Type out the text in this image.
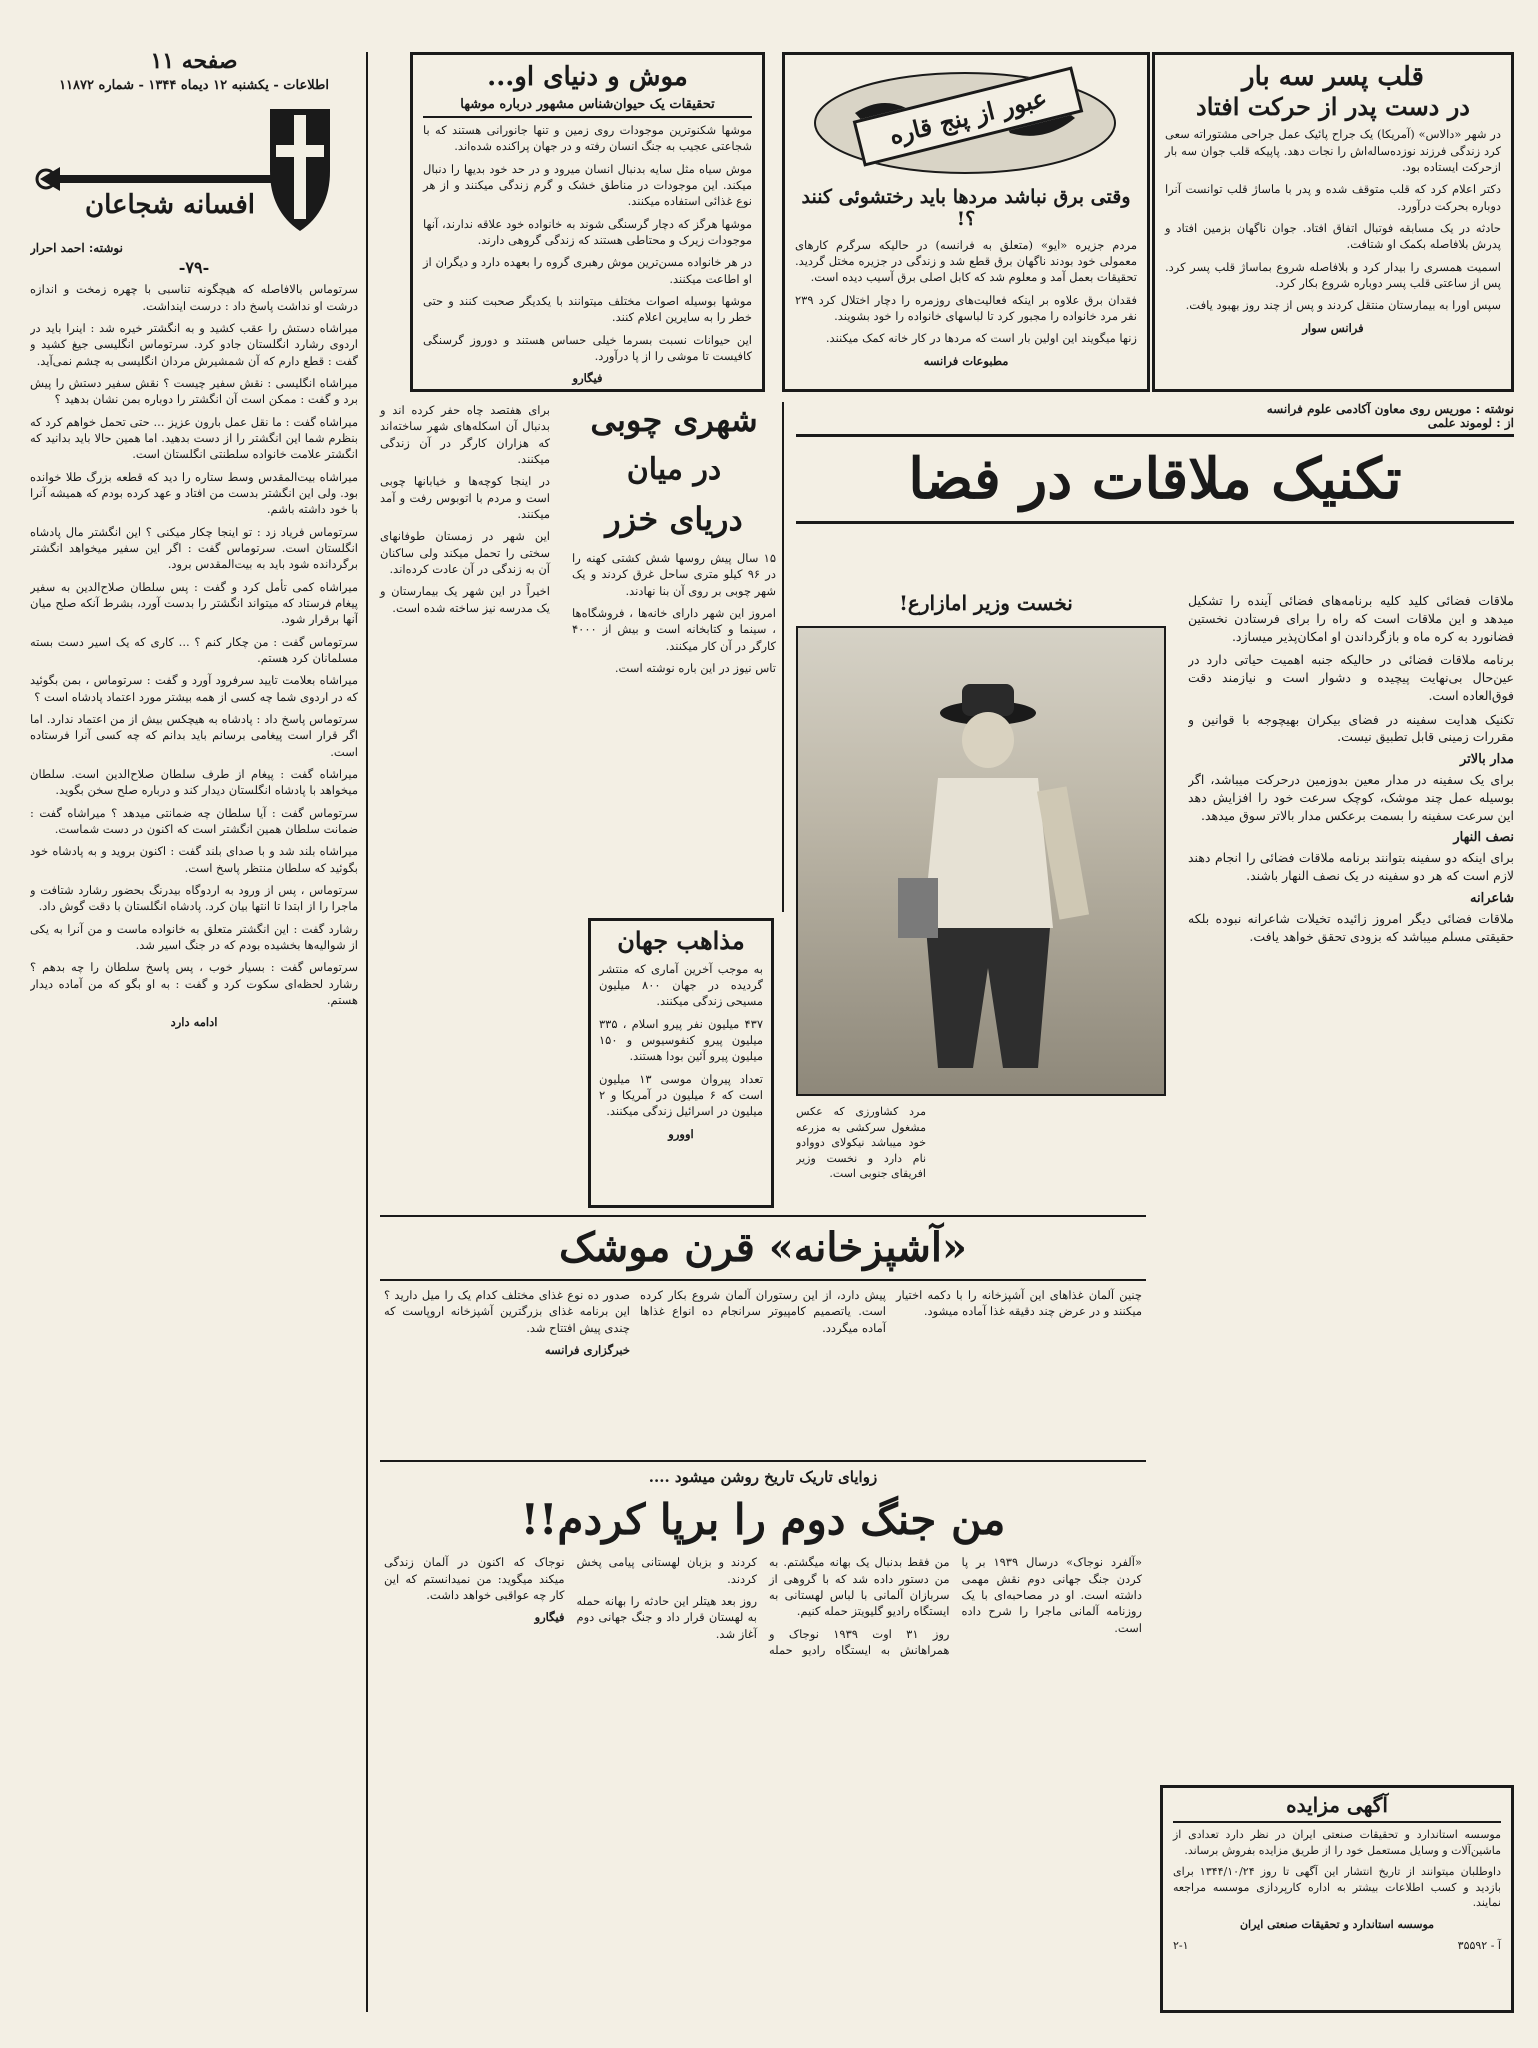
صفحه ۱۱
اطلاعات - یکشنبه ۱۲ دیماه ۱۳۴۴ - شماره ۱۱۸۷۲
افسانه شجاعان
نوشته: احمد احرار
-۷۹-

سرتوماس بالافاصله که هیچگونه تناسبی با چهره زمخت و اندازه درشت او نداشت پاسخ داد : درست اینداشت.

میراشاه دستش را عقب کشید و به انگشتر خیره شد : اینرا باید در اردوی رشارد انگلستان جادو کرد. سرتوماس انگلیسی جیغ کشید و گفت : قطع دارم که آن شمشیرش مردان انگلیسی به چشم نمی‌آید.

میراشاه انگلیسی : نقش سفیر چیست ؟ نقش سفیر دستش را پیش برد و گفت : ممکن است آن انگشتر را دوباره بمن نشان بدهید ؟

میراشاه گفت : ما نقل عمل بارون عزیز ... حتی تحمل خواهم کرد که بنظرم شما این انگشتر را از دست بدهید. اما همین حالا باید بدانید که انگشتر علامت خانواده سلطنتی انگلستان است.

میراشاه بیت‌المقدس وسط ستاره را دید که قطعه بزرگ طلا خوانده بود. ولی این انگشتر بدست من افتاد و عهد کرده بودم که همیشه آنرا با خود داشته باشم.

سرتوماس فریاد زد : تو اینجا چکار میکنی ؟ این انگشتر مال پادشاه انگلستان است. سرتوماس گفت : اگر این سفیر میخواهد انگشتر برگردانده شود باید به بیت‌المقدس برود.

میراشاه کمی تأمل کرد و گفت : پس سلطان صلاح‌الدین به سفیر پیغام فرستاد که میتواند انگشتر را بدست آورد، بشرط آنکه صلح میان آنها برقرار شود.

سرتوماس گفت : من چکار کنم ؟ ... کاری که یک اسیر دست بسته مسلمانان کرد هستم.

میراشاه بعلامت تایید سرفرود آورد و گفت : سرتوماس ، بمن بگوئید که در اردوی شما چه کسی از همه بیشتر مورد اعتماد پادشاه است ؟

سرتوماس پاسخ داد : پادشاه به هیچکس بیش از من اعتماد ندارد. اما اگر قرار است پیغامی برسانم باید بدانم که چه کسی آنرا فرستاده است.

میراشاه گفت : پیغام از طرف سلطان صلاح‌الدین است. سلطان میخواهد با پادشاه انگلستان دیدار کند و درباره صلح سخن بگوید.

سرتوماس گفت : آیا سلطان چه ضمانتی میدهد ؟ میراشاه گفت : ضمانت سلطان همین انگشتر است که اکنون در دست شماست.

میراشاه بلند شد و با صدای بلند گفت : اکنون بروید و به پادشاه خود بگوئید که سلطان منتظر پاسخ است.

سرتوماس ، پس از ورود به اردوگاه بیدرنگ بحضور رشارد شتافت و ماجرا را از ابتدا تا انتها بیان کرد. پادشاه انگلستان با دقت گوش داد.

رشارد گفت : این انگشتر متعلق به خانواده ماست و من آنرا به یکی از شوالیه‌ها بخشیده بودم که در جنگ اسیر شد.

سرتوماس گفت : بسیار خوب ، پس پاسخ سلطان را چه بدهم ؟ رشارد لحظه‌ای سکوت کرد و گفت : به او بگو که من آماده دیدار هستم.

ادامه دارد

موش و دنیای او...
تحقیقات یک حیوان‌شناس مشهور درباره موشها

موشها شکنوترین موجودات روی زمین و تنها جانورانی هستند که با شجاعتی عجیب به جنگ انسان رفته و در جهان پراکنده شده‌اند.

موش سیاه مثل سایه بدنبال انسان میرود و در حد خود بدیها را دنبال میکند. این موجودات در مناطق خشک و گرم زندگی میکنند و از هر نوع غذائی استفاده میکنند.

موشها هرگز که دچار گرسنگی شوند به خانواده خود علاقه ندارند، آنها موجودات زیرک و محتاطی هستند که زندگی گروهی دارند.

در هر خانواده مسن‌ترین موش رهبری گروه را بعهده دارد و دیگران از او اطاعت میکنند.

موشها بوسیله اصوات مختلف میتوانند با یکدیگر صحبت کنند و حتی خطر را به سایرین اعلام کنند.

این حیوانات نسبت بسرما خیلی حساس هستند و دوروز گرسنگی کافیست تا موشی را از پا درآورد.

فیگارو

عبور از پنج قاره
وقتی برق نباشد مردها باید رختشوئی کنند ؟!

مردم جزیره «ایو» (متعلق به فرانسه) در حالیکه سرگرم کارهای معمولی خود بودند ناگهان برق قطع شد و زندگی در جزیره مختل گردید. تحقیقات بعمل آمد و معلوم شد که کابل اصلی برق آسیب دیده است.

فقدان برق علاوه بر اینکه فعالیت‌های روزمره را دچار اختلال کرد ۲۳۹ نفر مرد خانواده را مجبور کرد تا لباسهای خانواده را خود بشویند.

زنها میگویند این اولین بار است که مردها در کار خانه کمک میکنند.

مطبوعات فرانسه

قلب پسر سه بار
در دست پدر از حرکت افتاد

در شهر «دالاس» (آمریکا) یک جراح پائیک عمل جراحی مشتوراته سعی کرد زندگی فرزند نوزده‌ساله‌اش را نجات دهد. پاپیکه قلب جوان سه بار ازحرکت ایستاده بود.

دکتر اعلام کرد که قلب متوقف شده و پدر با ماساژ قلب توانست آنرا دوباره بحرکت درآورد.

حادثه در یک مسابقه فوتبال اتفاق افتاد. جوان ناگهان بزمین افتاد و پدرش بلافاصله بکمک او شتافت.

اسمیت همسری را بیدار کرد و بلافاصله شروع بماساژ قلب پسر کرد. پس از ساعتی قلب پسر دوباره شروع بکار کرد.

سپس اورا به بیمارستان منتقل کردند و پس از چند روز بهبود یافت.

فرانس سوار

برای هفتصد چاه حفر کرده اند و بدنبال آن اسکله‌های شهر ساخته‌اند که هزاران کارگر در آن زندگی میکنند.

در اینجا کوچه‌ها و خیابانها چوبی است و مردم با اتوبوس رفت و آمد میکنند.

این شهر در زمستان طوفانهای سختی را تحمل میکند ولی ساکنان آن به زندگی در آن عادت کرده‌اند.

اخیراً در این شهر یک بیمارستان و یک مدرسه نیز ساخته شده است.

شهری چوبی
در میان
دریای خزر

۱۵ سال پیش روسها شش کشتی کهنه را در ۹۶ کیلو متری ساحل غرق کردند و یک شهر چوبی بر روی آن بنا نهادند.

امروز این شهر دارای خانه‌ها ، فروشگاه‌ها ، سینما و کتابخانه است و بیش از ۴۰۰۰ کارگر در آن کار میکنند.

تاس نیوز در این باره نوشته است.

مذاهب جهان

به موجب آخرین آماری که منتشر گردیده در جهان ۸۰۰ میلیون مسیحی زندگی میکنند.

۴۳۷ میلیون نفر پیرو اسلام ، ۳۳۵ میلیون پیرو کنفوسیوس و ۱۵۰ میلیون پیرو آئین بودا هستند.

تعداد پیروان موسی ۱۳ میلیون است که ۶ میلیون در آمریکا و ۲ میلیون در اسرائیل زندگی میکنند.

اوورو

نوشته : موریس روی معاون آکادمی علوم فرانسه
از : لوموند علمی
تکنیک ملاقات در فضا
نخست وزیر امازارع!

مرد کشاورزی که عکس مشغول سرکشی به مزرعه خود میباشد نیکولای دووادو نام دارد و نخست وزیر افریقای جنوبی است.

ملاقات فضائی کلید کلیه برنامه‌های فضائی آینده را تشکیل میدهد و این ملاقات است که راه را برای فرستادن نخستین فضانورد به کره ماه و بازگرداندن او امکان‌پذیر میسازد.

برنامه ملاقات فضائی در حالیکه جنبه اهمیت حیاتی دارد در عین‌حال بی‌نهایت پیچیده و دشوار است و نیازمند دقت فوق‌العاده است.

تکنیک هدایت سفینه در فضای بیکران بهیچوجه با قوانین و مقررات زمینی قابل تطبیق نیست.

مدار بالاتر

برای یک سفینه در مدار معین بدوزمین درحرکت میباشد، اگر بوسیله عمل چند موشک، کوچک سرعت خود را افزایش دهد این سرعت سفینه را بسمت برعکس مدار بالاتر سوق میدهد.

نصف النهار

برای اینکه دو سفینه بتوانند برنامه ملاقات فضائی را انجام دهند لازم است که هر دو سفینه در یک نصف النهار باشند.

شاعرانه

ملاقات فضائی دیگر امروز زائیده تخیلات شاعرانه نبوده بلکه حقیقتی مسلم میباشد که بزودی تحقق خواهد یافت.

«آشپزخانه» قرن موشک

چنین آلمان غذاهای این آشپزخانه را با دکمه اختیار میکنند و در عرض چند دقیقه غذا آماده میشود.

پیش دارد، از این رستوران آلمان شروع بکار کرده است. یاتصمیم کامپیوتر سرانجام ده انواع غذاها آماده میگردد.

صدور ده نوع غذای مختلف کدام یک را میل دارید ؟ این برنامه غذای بزرگترین آشپزخانه اروپاست که چندی پیش افتتاح شد.

خبرگزاری فرانسه

زوایای تاریک تاریخ روشن میشود ....
من جنگ دوم را برپا کردم!!

«آلفرد نوجاک» درسال ۱۹۳۹ بر پا کردن جنگ جهانی دوم نقش مهمی داشته است. او در مصاحبه‌ای با یک روزنامه آلمانی ماجرا را شرح داده است.

من فقط بدنبال یک بهانه میگشتم. به من دستور داده شد که با گروهی از سربازان آلمانی با لباس لهستانی به ایستگاه رادیو گلیویتز حمله کنیم.

روز ۳۱ اوت ۱۹۳۹ نوجاک و همراهانش به ایستگاه رادیو حمله کردند و بزبان لهستانی پیامی پخش کردند.

روز بعد هیتلر این حادثه را بهانه حمله به لهستان قرار داد و جنگ جهانی دوم آغاز شد.

نوجاک که اکنون در آلمان زندگی میکند میگوید: من نمیدانستم که این کار چه عواقبی خواهد داشت.

فیگارو

آگهی مزایده

موسسه استاندارد و تحقیقات صنعتی ایران در نظر دارد تعدادی از ماشین‌آلات و وسایل مستعمل خود را از طریق مزایده بفروش برساند.

داوطلبان میتوانند از تاریخ انتشار این آگهی تا روز ۱۳۴۴/۱۰/۲۴ برای بازدید و کسب اطلاعات بیشتر به اداره کارپردازی موسسه مراجعه نمایند.

موسسه استاندارد و تحقیقات صنعتی ایران

آ - ۳۵۵۹۲
۲-۱
